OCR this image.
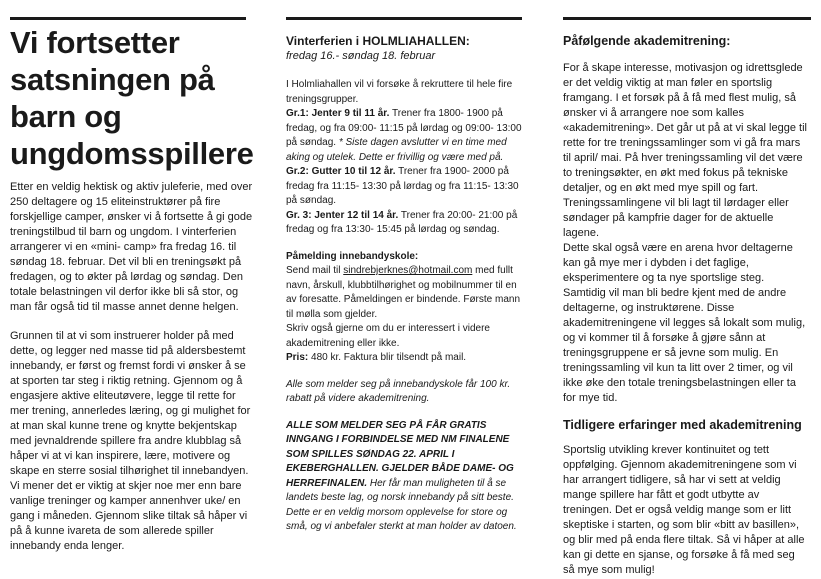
Vi fortsetter satsningen på barn og ungdomsspillere

Etter en veldig hektisk og aktiv juleferie, med over 250 deltagere og 15 eliteinstruktører på fire forskjellige camper, ønsker vi å fortsette å gi gode treningstilbud til barn og ungdom. I vinterferien arrangerer vi en «mini- camp» fra fredag 16. til søndag 18. februar. Det vil bli en treningsøkt på fredagen, og to økter på lørdag og søndag. Den totale belastningen vil derfor ikke bli så stor, og man får også tid til masse annet denne helgen.

Grunnen til at vi som instruerer holder på med dette, og legger ned masse tid på aldersbestemt innebandy, er først og fremst fordi vi ønsker å se at sporten tar steg i riktig retning. Gjennom og å engasjere aktive eliteutøvere, legge til rette for mer trening, annerledes læring, og gi mulighet for at man skal kunne trene og knytte bekjentskap med jevnaldrende spillere fra andre klubblag så håper vi at vi kan inspirere, lære, motivere og skape en sterre sosial tilhørighet til innebandyen. Vi mener det er viktig at skjer noe mer enn bare vanlige treninger og kamper annenhver uke/ en gang i måneden. Gjennom slike tiltak så håper vi på å kunne ivareta de som allerede spiller innebandy enda lenger.

Vinterferien i HOLMLIAHALLEN:

fredag 16.- søndag 18. februar

I Holmliahallen vil vi forsøke å rekruttere til hele fire treningsgrupper.

Gr.1: Jenter 9 til 11 år. Trener fra 1800- 1900 på fredag, og fra 09:00- 11:15 på lørdag og 09:00- 13:00 på søndag. * Siste dagen avslutter vi en time med aking og utelek. Dette er frivillig og være med på.

Gr.2: Gutter 10 til 12 år. Trener fra 1900- 2000 på fredag fra 11:15- 13:30 på lørdag og fra 11:15- 13:30 på søndag.

Gr. 3: Jenter 12 til 14 år. Trener fra 20:00- 21:00 på fredag og fra 13:30- 15:45 på lørdag og søndag.

Påmelding innebandyskole:

Send mail til sindrebjerknes@hotmail.com med fullt navn, årskull, klubbtilhørighet og mobilnummer til en av foresatte. Påmeldingen er bindende. Første mann til mølla som gjelder.

Skriv også gjerne om du er interessert i videre akademitrening eller ikke.

Pris: 480 kr. Faktura blir tilsendt på mail.

Alle som melder seg på innebandyskole får 100 kr. rabatt på videre akademitrening.

ALLE SOM MELDER SEG PÅ FÅR GRATIS INNGANG I FORBINDELSE MED NM FINALENE SOM SPILLES SØNDAG 22. APRIL I EKEBERGHALLEN. GJELDER BÅDE DAME- OG HERREFINALEN. Her får man muligheten til å se landets beste lag, og norsk innebandy på sitt beste. Dette er en veldig morsom opplevelse for store og små, og vi anbefaler sterkt at man holder av datoen.

Påfølgende akademitrening:

For å skape interesse, motivasjon og idrettsglede er det veldig viktig at man føler en sportslig framgang. I et forsøk på å få med flest mulig, så ønsker vi å arrangere noe som kalles «akademitrening». Det går ut på at vi skal legge til rette for tre treningssamlinger som vi gå fra mars til april/ mai. På hver treningssamling vil det være to treningsøkter, en økt med fokus på tekniske detaljer, og en økt med mye spill og fart. Treningssamlingene vil bli lagt til lørdager eller søndager på kampfrie dager for de aktuelle lagene.

Dette skal også være en arena hvor deltagerne kan gå mye mer i dybden i det faglige, eksperimentere og ta nye sportslige steg. Samtidig vil man bli bedre kjent med de andre deltagerne, og instruktørene. Disse akademitreningene vil legges så lokalt som mulig, og vi kommer til å forsøke å gjøre sånn at treningsgruppene er så jevne som mulig. En treningssamling vil kun ta litt over 2 timer, og vil ikke øke den totale treningsbelastningen eller ta for mye tid.

Tidligere erfaringer med akademitrening

Sportslig utvikling krever kontinuitet og tett oppfølging. Gjennom akademitreningene som vi har arrangert tidligere, så har vi sett at veldig mange spillere har fått et godt utbytte av treningen. Det er også veldig mange som er litt skeptiske i starten, og som blir «bitt av basillen», og blir med på enda flere tiltak. Så vi håper at alle kan gi dette en sjanse, og forsøke å få med seg så mye som mulig!
